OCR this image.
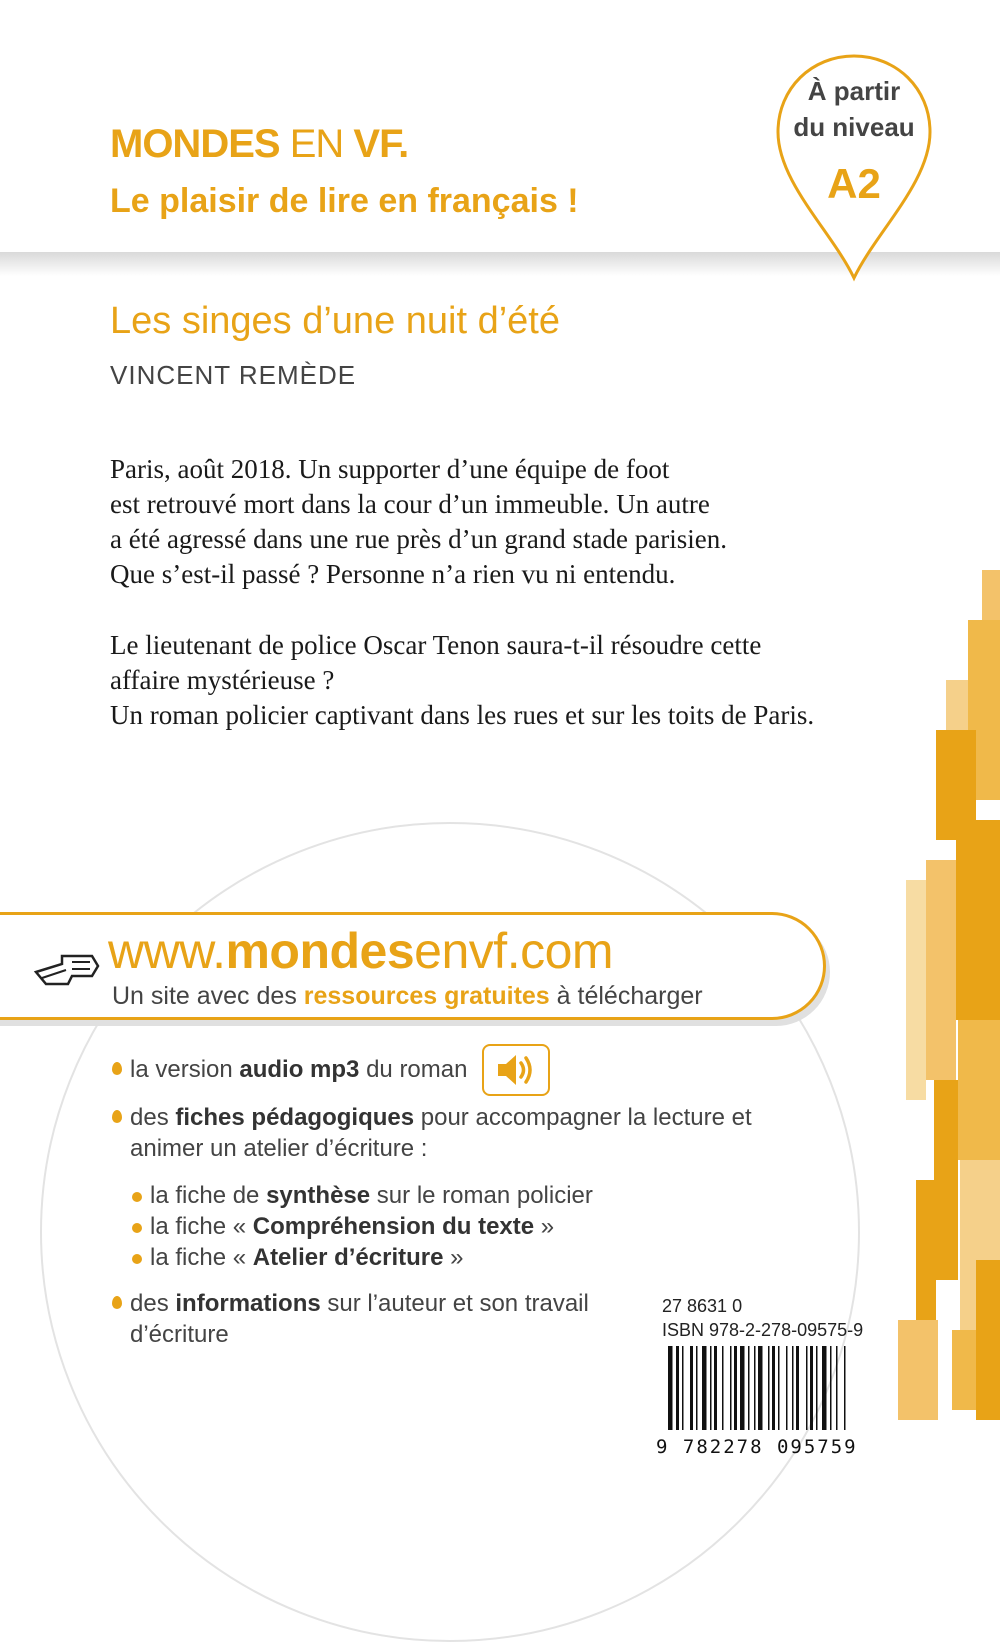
MONDES EN VF.
Le plaisir de lire en français !
À partir
du niveau
A2
Les singes d’une nuit d’été
VINCENT REMÈDE

Paris, août 2018. Un supporter d’une équipe de foot

est retrouvé mort dans la cour d’un immeuble. Un autre

a été agressé dans une rue près d’un grand stade parisien.

Que s’est-il passé ? Personne n’a rien vu ni entendu.

Le lieutenant de police Oscar Tenon saura-t-il résoudre cette

affaire mystérieuse ?

Un roman policier captivant dans les rues et sur les toits de Paris.

www.mondesenvf.com
Un site avec des ressources gratuites à télécharger
la version audio mp3 du roman
des fiches pédagogiques pour accompagner la lecture et
animer un atelier d’écriture :
la fiche de synthèse sur le roman policier
la fiche « Compréhension du texte »
la fiche « Atelier d’écriture »
des informations sur l’auteur et son travail
d’écriture
27 8631 0
ISBN 978-2-278-09575-9
9 782278 095759
